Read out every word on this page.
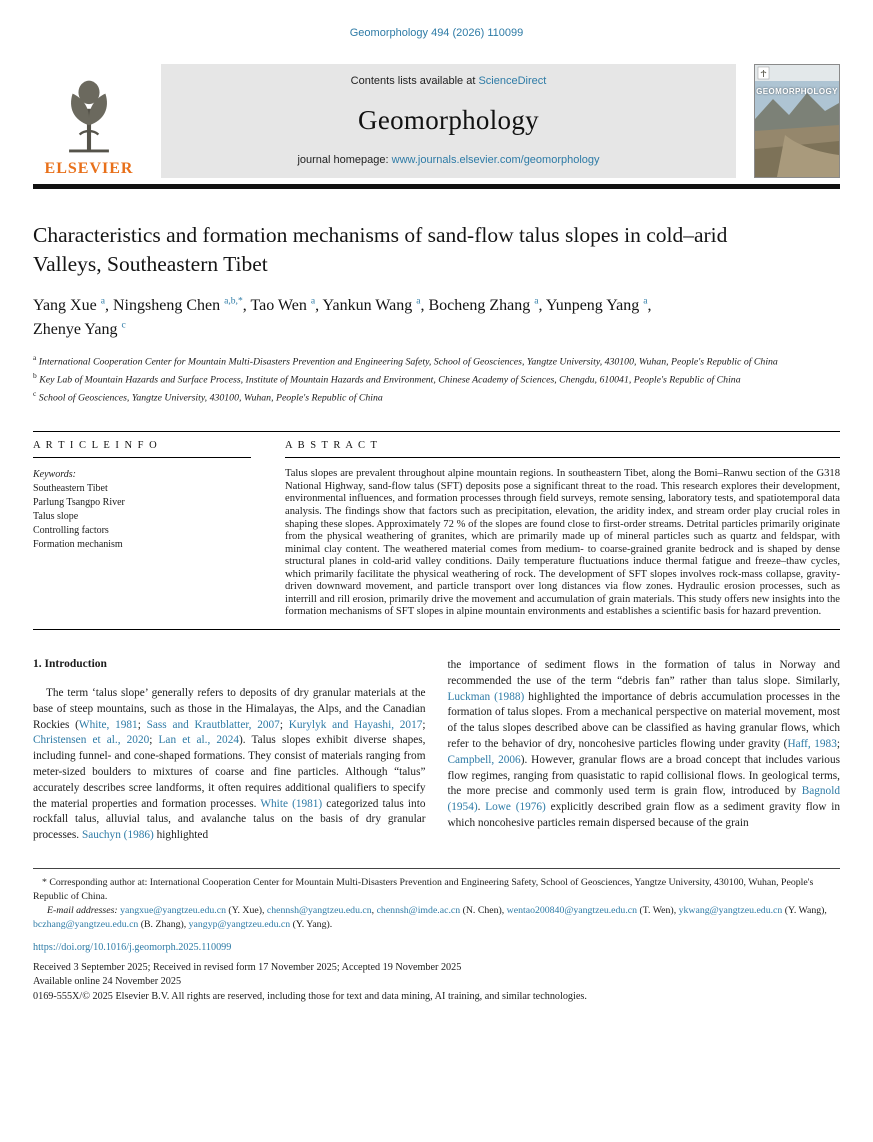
Geomorphology 494 (2026) 110099
ELSEVIER
Contents lists available at ScienceDirect
Geomorphology
journal homepage: www.journals.elsevier.com/geomorphology
GEOMORPHOLOGY
Characteristics and formation mechanisms of sand-flow talus slopes in cold–arid Valleys, Southeastern Tibet
Yang Xue $^a$, Ningsheng Chen $^{a,b,*}$, Tao Wen $^a$, Yankun Wang $^a$, Bocheng Zhang $^a$, Yunpeng Yang $^a$,
Zhenye Yang $^c$
$^a$ International Cooperation Center for Mountain Multi-Disasters Prevention and Engineering Safety, School of Geosciences, Yangtze University, 430100, Wuhan, People's Republic of China
$^b$ Key Lab of Mountain Hazards and Surface Process, Institute of Mountain Hazards and Environment, Chinese Academy of Sciences, Chengdu, 610041, People's Republic of China
$^c$ School of Geosciences, Yangtze University, 430100, Wuhan, People's Republic of China
A R T I C L E I N F O
Keywords:
Southeastern Tibet
Parlung Tsangpo River
Talus slope
Controlling factors
Formation mechanism
A B S T R A C T

Talus slopes are prevalent throughout alpine mountain regions. In southeastern Tibet, along the Bomi–Ranwu section of the G318 National Highway, sand-flow talus (SFT) deposits pose a significant threat to the road. This research explores their development, environmental influences, and formation processes through field surveys, remote sensing, laboratory tests, and spatiotemporal data analysis. The findings show that factors such as precipitation, elevation, the aridity index, and stream order play crucial roles in shaping these slopes. Approximately 72 % of the slopes are found close to first-order streams. Detrital particles primarily originate from the physical weathering of granites, which are primarily made up of mineral particles such as quartz and feldspar, with minimal clay content. The weathered material comes from medium- to coarse-grained granite bedrock and is shaped by dense structural planes in cold-arid valley conditions. Daily temperature fluctuations induce thermal fatigue and freeze–thaw cycles, which primarily facilitate the physical weathering of rock. The development of SFT slopes involves rock-mass collapse, gravity-driven downward movement, and particle transport over long distances via flow zones. Hydraulic erosion processes, such as interrill and rill erosion, primarily drive the movement and accumulation of grain materials. This study offers new insights into the formation mechanisms of SFT slopes in alpine mountain environments and establishes a scientific basis for hazard prevention.

1. Introduction

The term ‘talus slope’ generally refers to deposits of dry granular materials at the base of steep mountains, such as those in the Himalayas, the Alps, and the Canadian Rockies (White, 1981; Sass and Krautblatter, 2007; Kurylyk and Hayashi, 2017; Christensen et al., 2020; Lan et al., 2024). Talus slopes exhibit diverse shapes, including funnel- and cone-shaped formations. They consist of materials ranging from meter-sized boulders to mixtures of coarse and fine particles. Although “talus” accurately describes scree landforms, it often requires additional qualifiers to specify the material properties and formation processes. White (1981) categorized talus into rockfall talus, alluvial talus, and avalanche talus on the basis of dry granular processes. Sauchyn (1986) highlighted

the importance of sediment flows in the formation of talus in Norway and recommended the use of the term “debris fan” rather than talus slope. Similarly, Luckman (1988) highlighted the importance of debris accumulation processes in the formation of talus slopes. From a mechanical perspective on material movement, most of the talus slopes described above can be classified as having granular flows, which refer to the behavior of dry, noncohesive particles flowing under gravity (Haff, 1983; Campbell, 2006). However, granular flows are a broad concept that includes various flow regimes, ranging from quasistatic to rapid collisional flows. In geological terms, the more precise and commonly used term is grain flow, introduced by Bagnold (1954). Lowe (1976) explicitly described grain flow as a sediment gravity flow in which noncohesive particles remain dispersed because of the grain

* Corresponding author at: International Cooperation Center for Mountain Multi-Disasters Prevention and Engineering Safety, School of Geosciences, Yangtze University, 430100, Wuhan, People's Republic of China.

E-mail addresses: yangxue@yangtzeu.edu.cn (Y. Xue), chennsh@yangtzeu.edu.cn, chennsh@imde.ac.cn (N. Chen), wentao200840@yangtzeu.edu.cn (T. Wen), ykwang@yangtzeu.edu.cn (Y. Wang), bczhang@yangtzeu.edu.cn (B. Zhang), yangyp@yangtzeu.edu.cn (Y. Yang).

https://doi.org/10.1016/j.geomorph.2025.110099
Received 3 September 2025; Received in revised form 17 November 2025; Accepted 19 November 2025
Available online 24 November 2025
0169-555X/© 2025 Elsevier B.V. All rights are reserved, including those for text and data mining, AI training, and similar technologies.
